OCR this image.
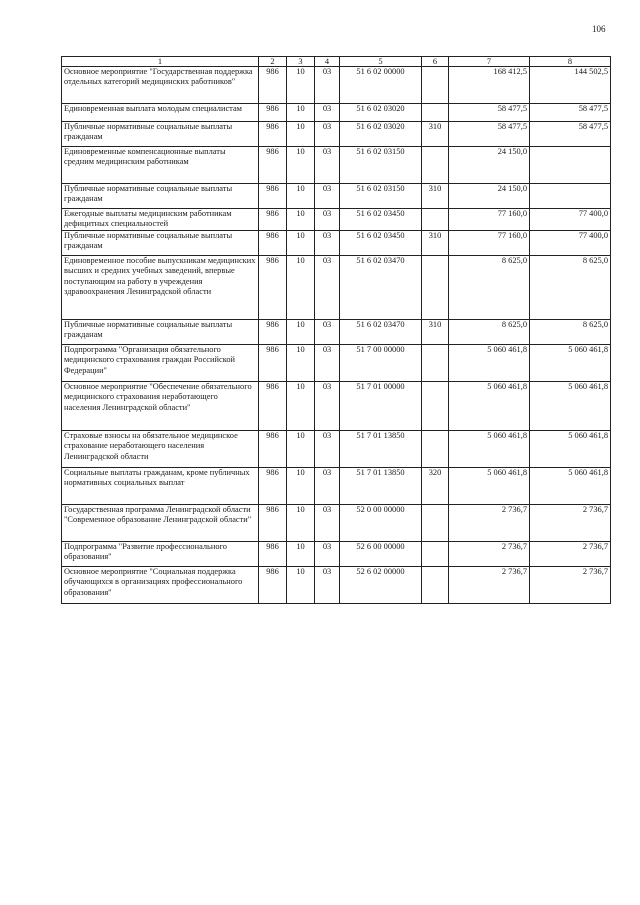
106
1	2	3	4	5	6	7	8
Основное мероприятие "Государственная поддержка отдельных категорий медицинских работников"	986	10	03	51 6 02 00000		168 412,5	144 502,5
Единовременная выплата молодым специалистам	986	10	03	51 6 02 03020		58 477,5	58 477,5
Публичные нормативные социальные выплаты гражданам	986	10	03	51 6 02 03020	310	58 477,5	58 477,5
Единовременные компенсационные выплаты средним медицинским работникам	986	10	03	51 6 02 03150		24 150,0	
Публичные нормативные социальные выплаты гражданам	986	10	03	51 6 02 03150	310	24 150,0	
Ежегодные выплаты медицинским работникам дефицитных специальностей	986	10	03	51 6 02 03450		77 160,0	77 400,0
Публичные нормативные социальные выплаты гражданам	986	10	03	51 6 02 03450	310	77 160,0	77 400,0
Единовременное пособие выпускникам медицинских высших и средних учебных заведений, впервые поступающим на работу в учреждения здравоохранения Ленинградской области	986	10	03	51 6 02 03470		8 625,0	8 625,0
Публичные нормативные социальные выплаты гражданам	986	10	03	51 6 02 03470	310	8 625,0	8 625,0
Подпрограмма "Организация обязательного медицинского страхования граждан Российской Федерации"	986	10	03	51 7 00 00000		5 060 461,8	5 060 461,8
Основное мероприятие "Обеспечение обязательного медицинского страхования неработающего населения Ленинградской области"	986	10	03	51 7 01 00000		5 060 461,8	5 060 461,8
Страховые взносы на обязательное медицинское страхование неработающего населения Ленинградской области	986	10	03	51 7 01 13850		5 060 461,8	5 060 461,8
Социальные выплаты гражданам, кроме публичных нормативных социальных выплат	986	10	03	51 7 01 13850	320	5 060 461,8	5 060 461,8
Государственная программа Ленинградской области "Современное образование Ленинградской области"	986	10	03	52 0 00 00000		2 736,7	2 736,7
Подпрограмма "Развитие профессионального образования"	986	10	03	52 6 00 00000		2 736,7	2 736,7
Основное мероприятие "Социальная поддержка обучающихся в организациях профессионального образования"	986	10	03	52 6 02 00000		2 736,7	2 736,7
